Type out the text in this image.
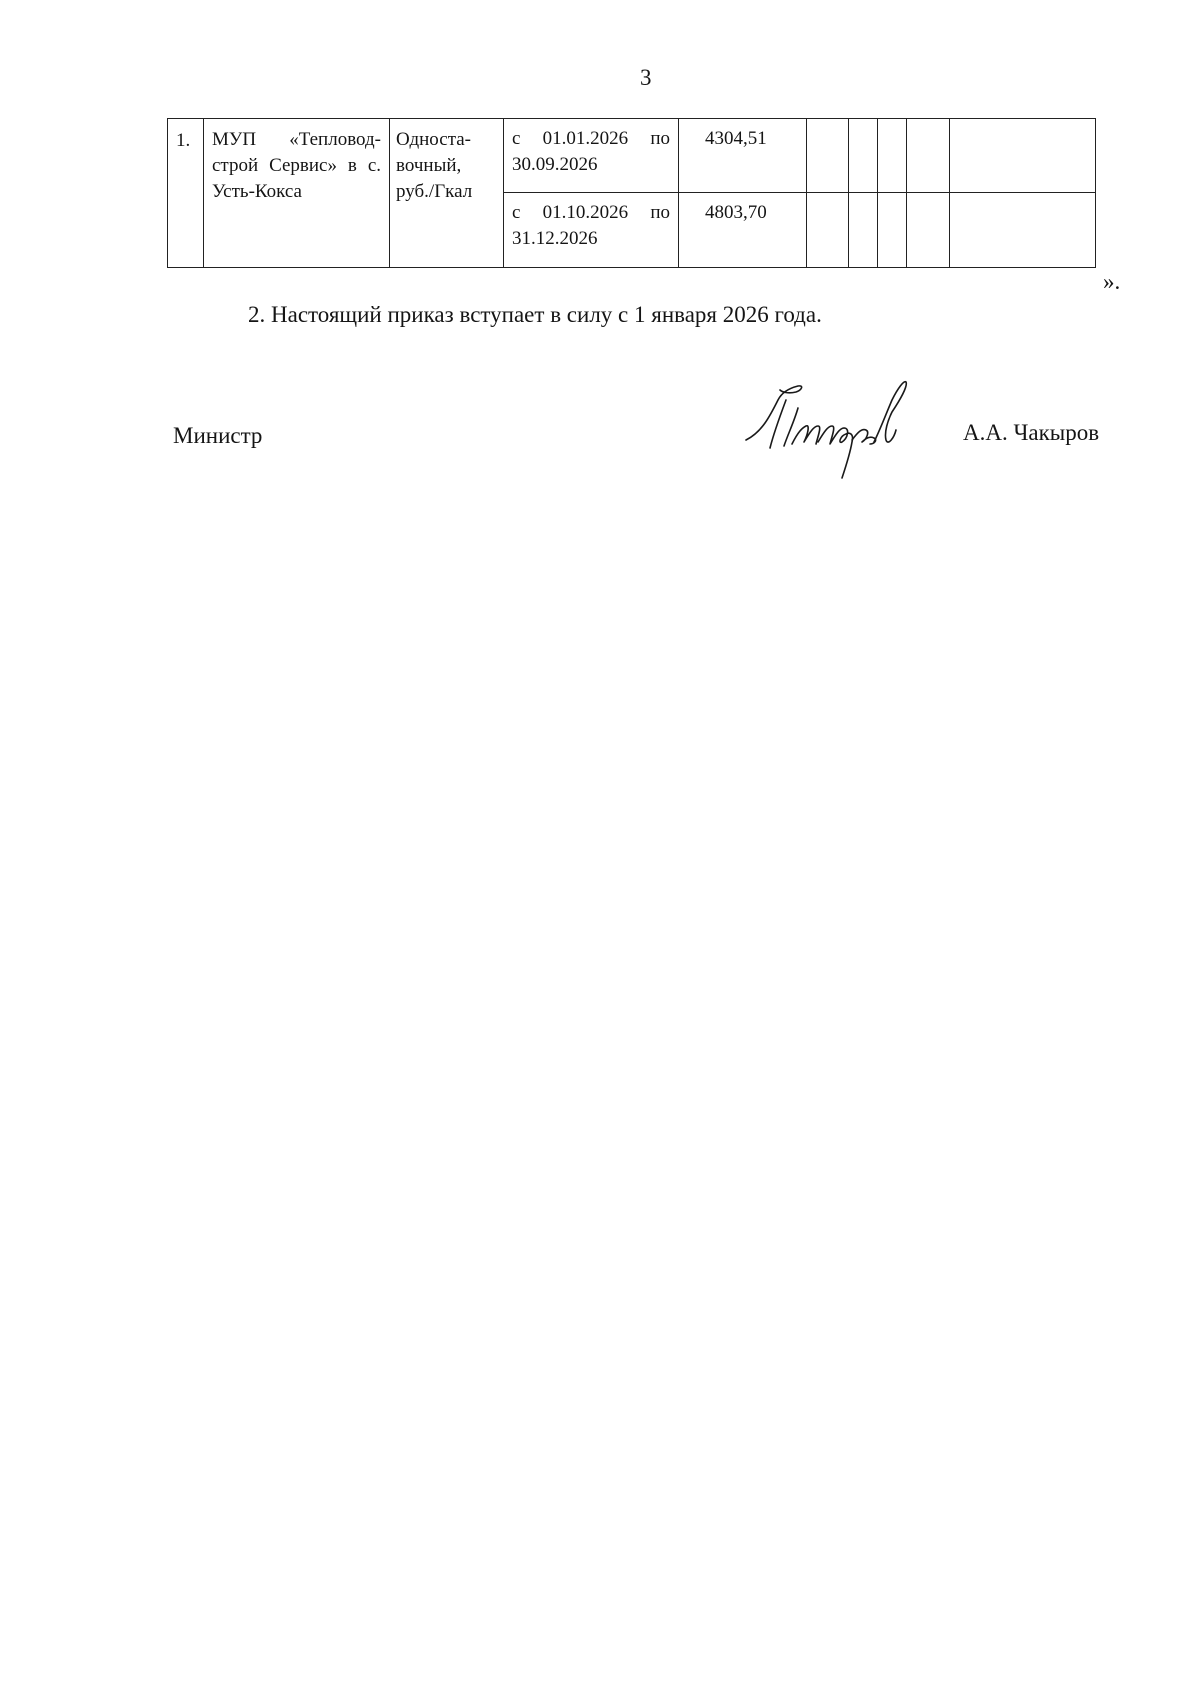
3
1.	МУП «Тепловод-строй Сервис» в с. Усть-Кокса	Односта-вочный, руб./Гкал	с 01.01.2026 по 30.09.2026	4304,51					
			с 01.10.2026 по 31.12.2026	4803,70					
».
2. Настоящий приказ вступает в силу с 1 января 2026 года.
Министр	А.А. Чакыров
